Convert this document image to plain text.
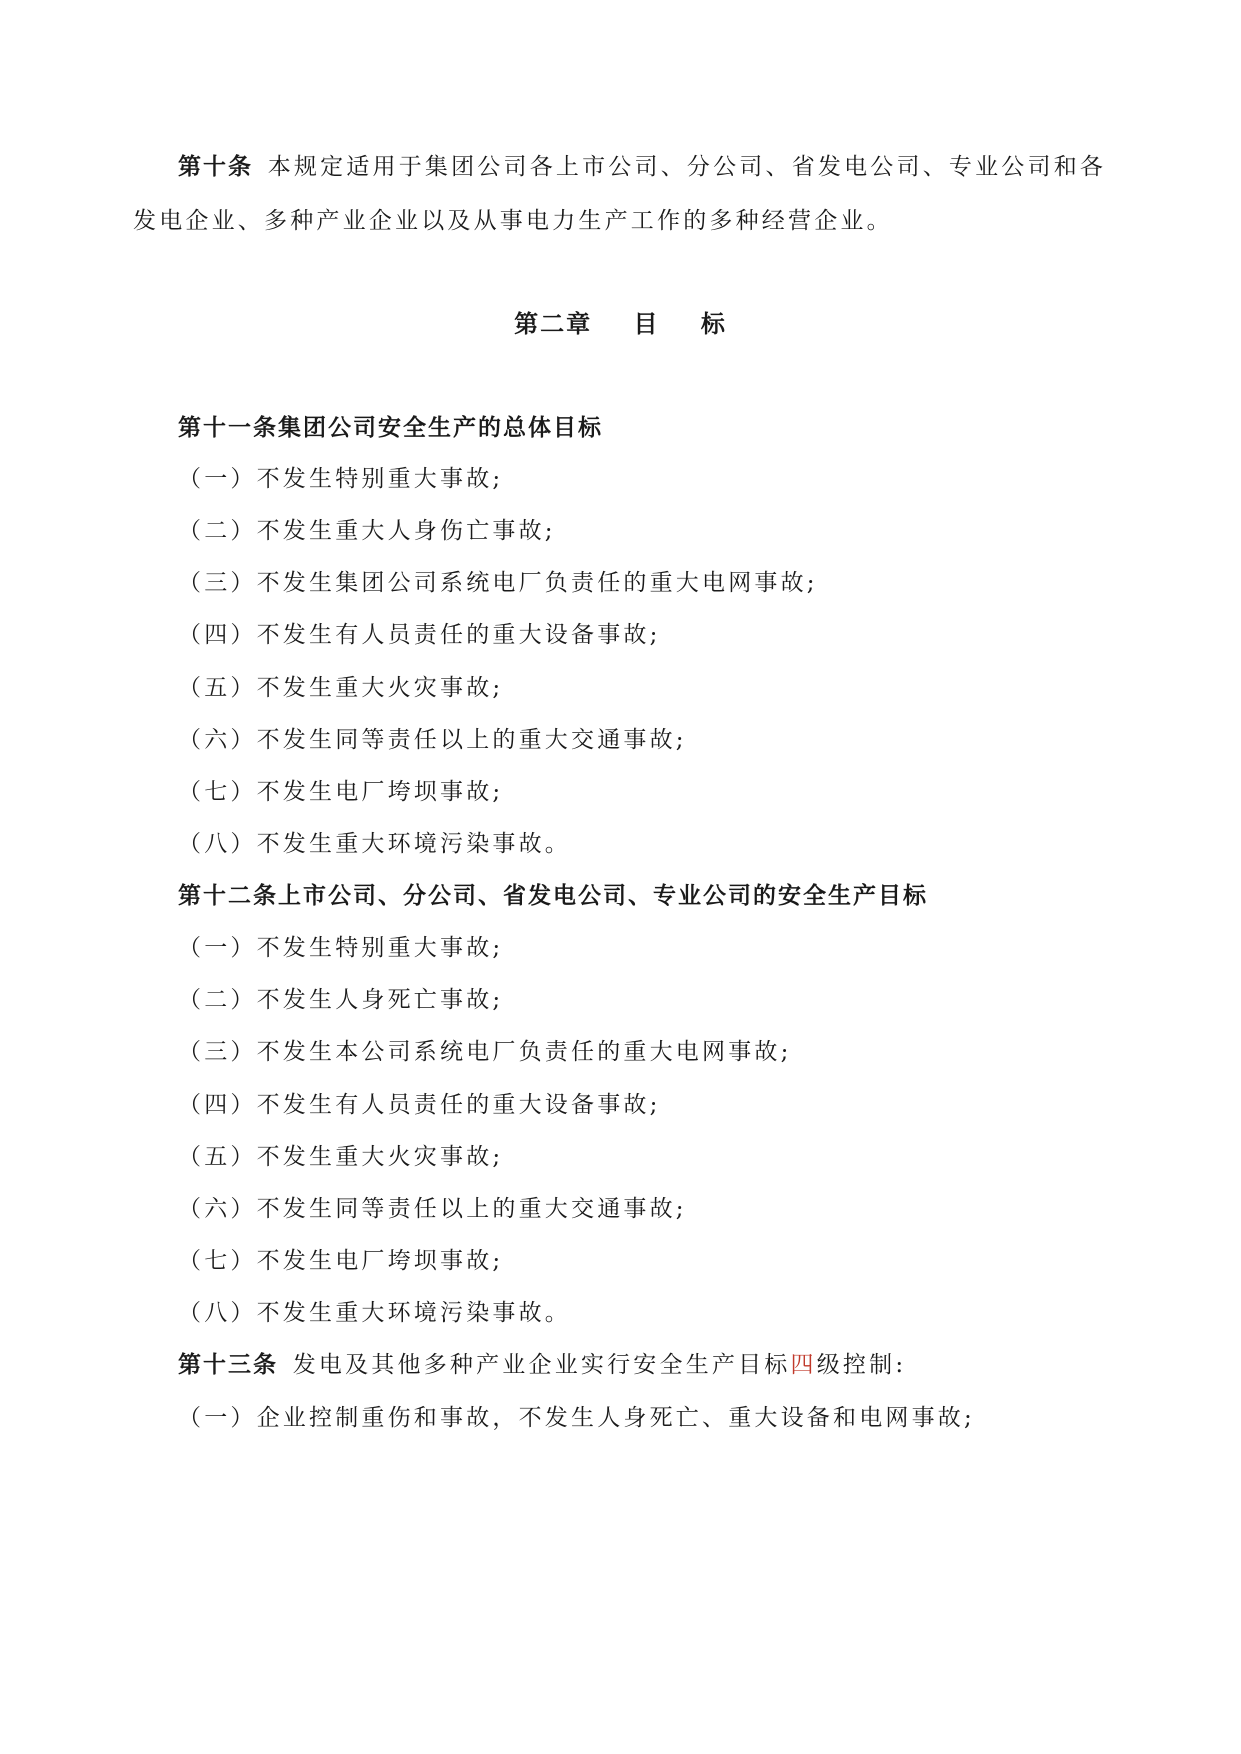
第十条  本规定适用于集团公司各上市公司、分公司、省发电公司、专业公司和各
发电企业、多种产业企业以及从事电力生产工作的多种经营企业。
第二章    目    标
第十一条集团公司安全生产的总体目标
（一）不发生特别重大事故;
（二）不发生重大人身伤亡事故;
（三）不发生集团公司系统电厂负责任的重大电网事故;
（四）不发生有人员责任的重大设备事故;
（五）不发生重大火灾事故;
（六）不发生同等责任以上的重大交通事故;
（七）不发生电厂垮坝事故;
（八）不发生重大环境污染事故。
第十二条上市公司、分公司、省发电公司、专业公司的安全生产目标
（一）不发生特别重大事故;
（二）不发生人身死亡事故;
（三）不发生本公司系统电厂负责任的重大电网事故;
（四）不发生有人员责任的重大设备事故;
（五）不发生重大火灾事故;
（六）不发生同等责任以上的重大交通事故;
（七）不发生电厂垮坝事故;
（八）不发生重大环境污染事故。
第十三条  发电及其他多种产业企业实行安全生产目标四级控制:
（一）企业控制重伤和事故，不发生人身死亡、重大设备和电网事故;
